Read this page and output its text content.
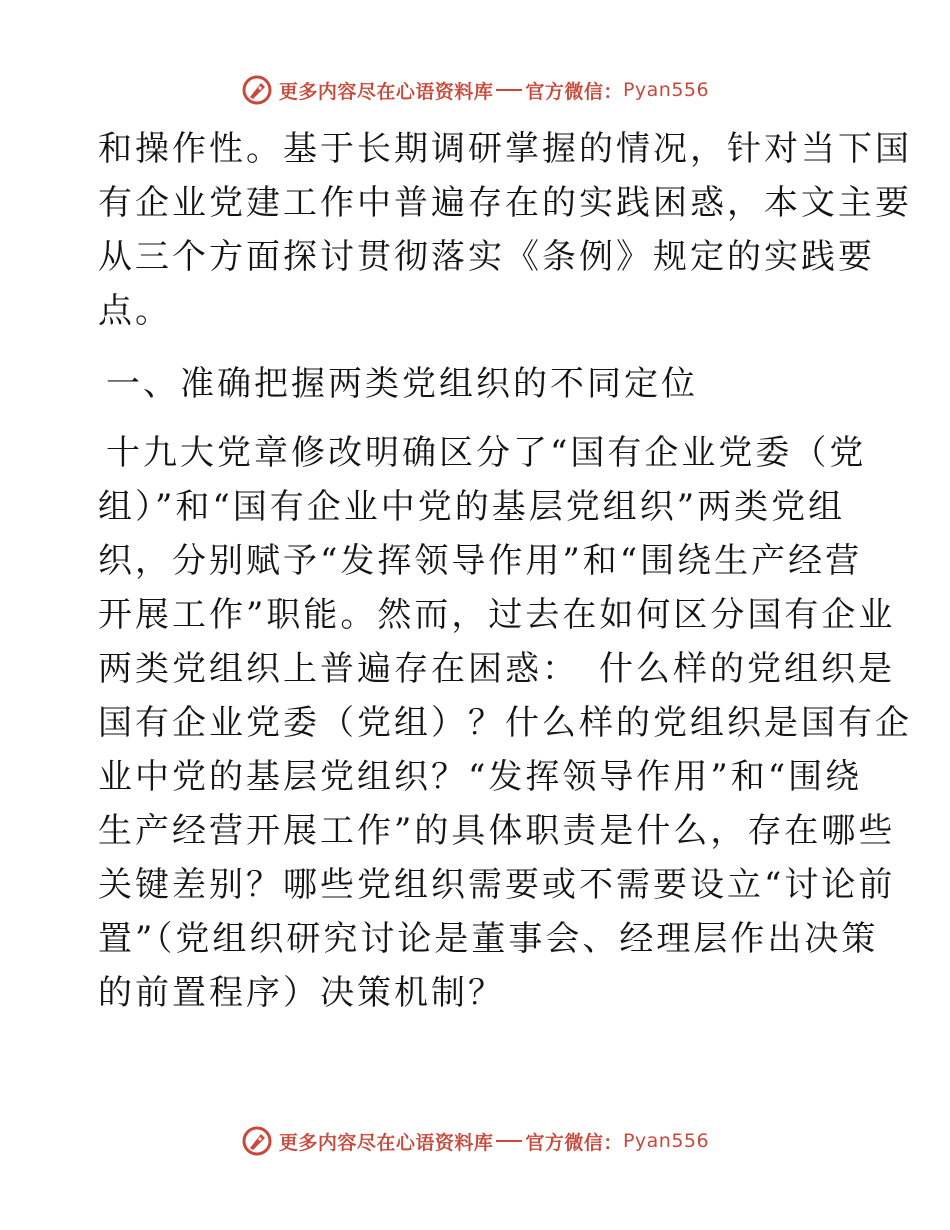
更多内容尽在心语资料库 官方微信： Pyan556
和操作性。基于长期调研掌握的情况，针对当下国
有企业党建工作中普遍存在的实践困惑，本文主要
从三个方面探讨贯彻落实《条例》规定的实践要
点。
一、准确把握两类党组织的不同定位
十九大党章修改明确区分了“国有企业党委（党
组）”和“国有企业中党的基层党组织”两类党组
织，分别赋予“发挥领导作用”和“围绕生产经营
开展工作”职能。然而，过去在如何区分国有企业
两类党组织上普遍存在困惑：　什么样的党组织是
国有企业党委（党组）？什么样的党组织是国有企
业中党的基层党组织？“发挥领导作用”和“围绕
生产经营开展工作”的具体职责是什么，存在哪些
关键差别？哪些党组织需要或不需要设立“讨论前
置”（党组织研究讨论是董事会、经理层作出决策
的前置程序）决策机制？
更多内容尽在心语资料库 官方微信： Pyan556
